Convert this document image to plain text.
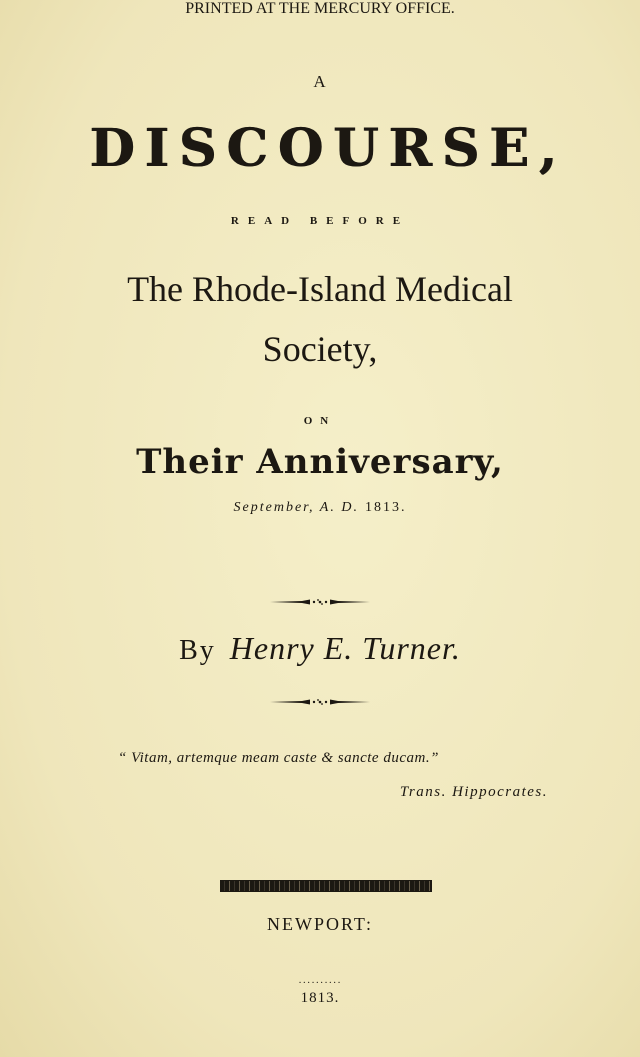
A
DISCOURSE,
READ BEFORE
The Rhode-Island Medical
Society,
ON
Their Anniversary,
September, A. D. 1813.
By Henry E. Turner.
“ Vitam, artemque meam caste & sancte ducam.”
Trans. Hippocrates.
NEWPORT:
PRINTED AT THE MERCURY OFFICE.
··········
1813.
